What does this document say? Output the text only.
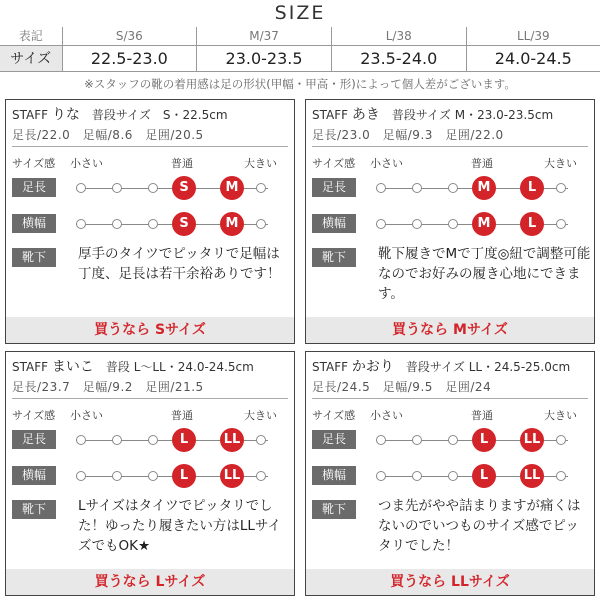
SIZE
表記	S/36	M/37	L/38	LL/39
サイズ	22.5-23.0	23.0-23.5	23.5-24.0	24.0-24.5
※スタッフの靴の着用感は足の形状(甲幅・甲高・形)によって個人差がございます。
STAFF りな　 普段サイズ　S・22.5cm
足長/22.0　足幅/8.6　足囲/20.5
サイズ感 小さい	普通	大きい
足長
横幅
靴下
S	M
S	M
厚手のタイツでピッタリで足幅は丁度、足長は若干余裕ありです！
買うなら Sサイズ
STAFF あき　 普段サイズ M・23.0-23.5cm
足長/23.0　足幅/9.3　足囲/22.0
サイズ感 小さい	普通	大きい
足長
横幅
靴下
M	L
M	L
靴下履きでMで丁度◎紐で調整可能なのでお好みの履き心地にできます。
買うなら Mサイズ
STAFF まいこ　 普段 L〜LL・24.0-24.5cm
足長/23.7　足幅/9.2　足囲/21.5
サイズ感 小さい	普通	大きい
足長
横幅
靴下
L	LL
L	LL
Lサイズはタイツでピッタリでした！ゆったり履きたい方はLLサイズでもOK★
買うなら Lサイズ
STAFF かおり　 普段サイズ LL・24.5-25.0cm
足長/24.5　足幅/9.5　足囲/24
サイズ感 小さい	普通	大きい
足長
横幅
靴下
L	LL
L	LL
つま先がやや詰まりますが痛くはないのでいつものサイズ感でピッタリでした！
買うなら LLサイズ
